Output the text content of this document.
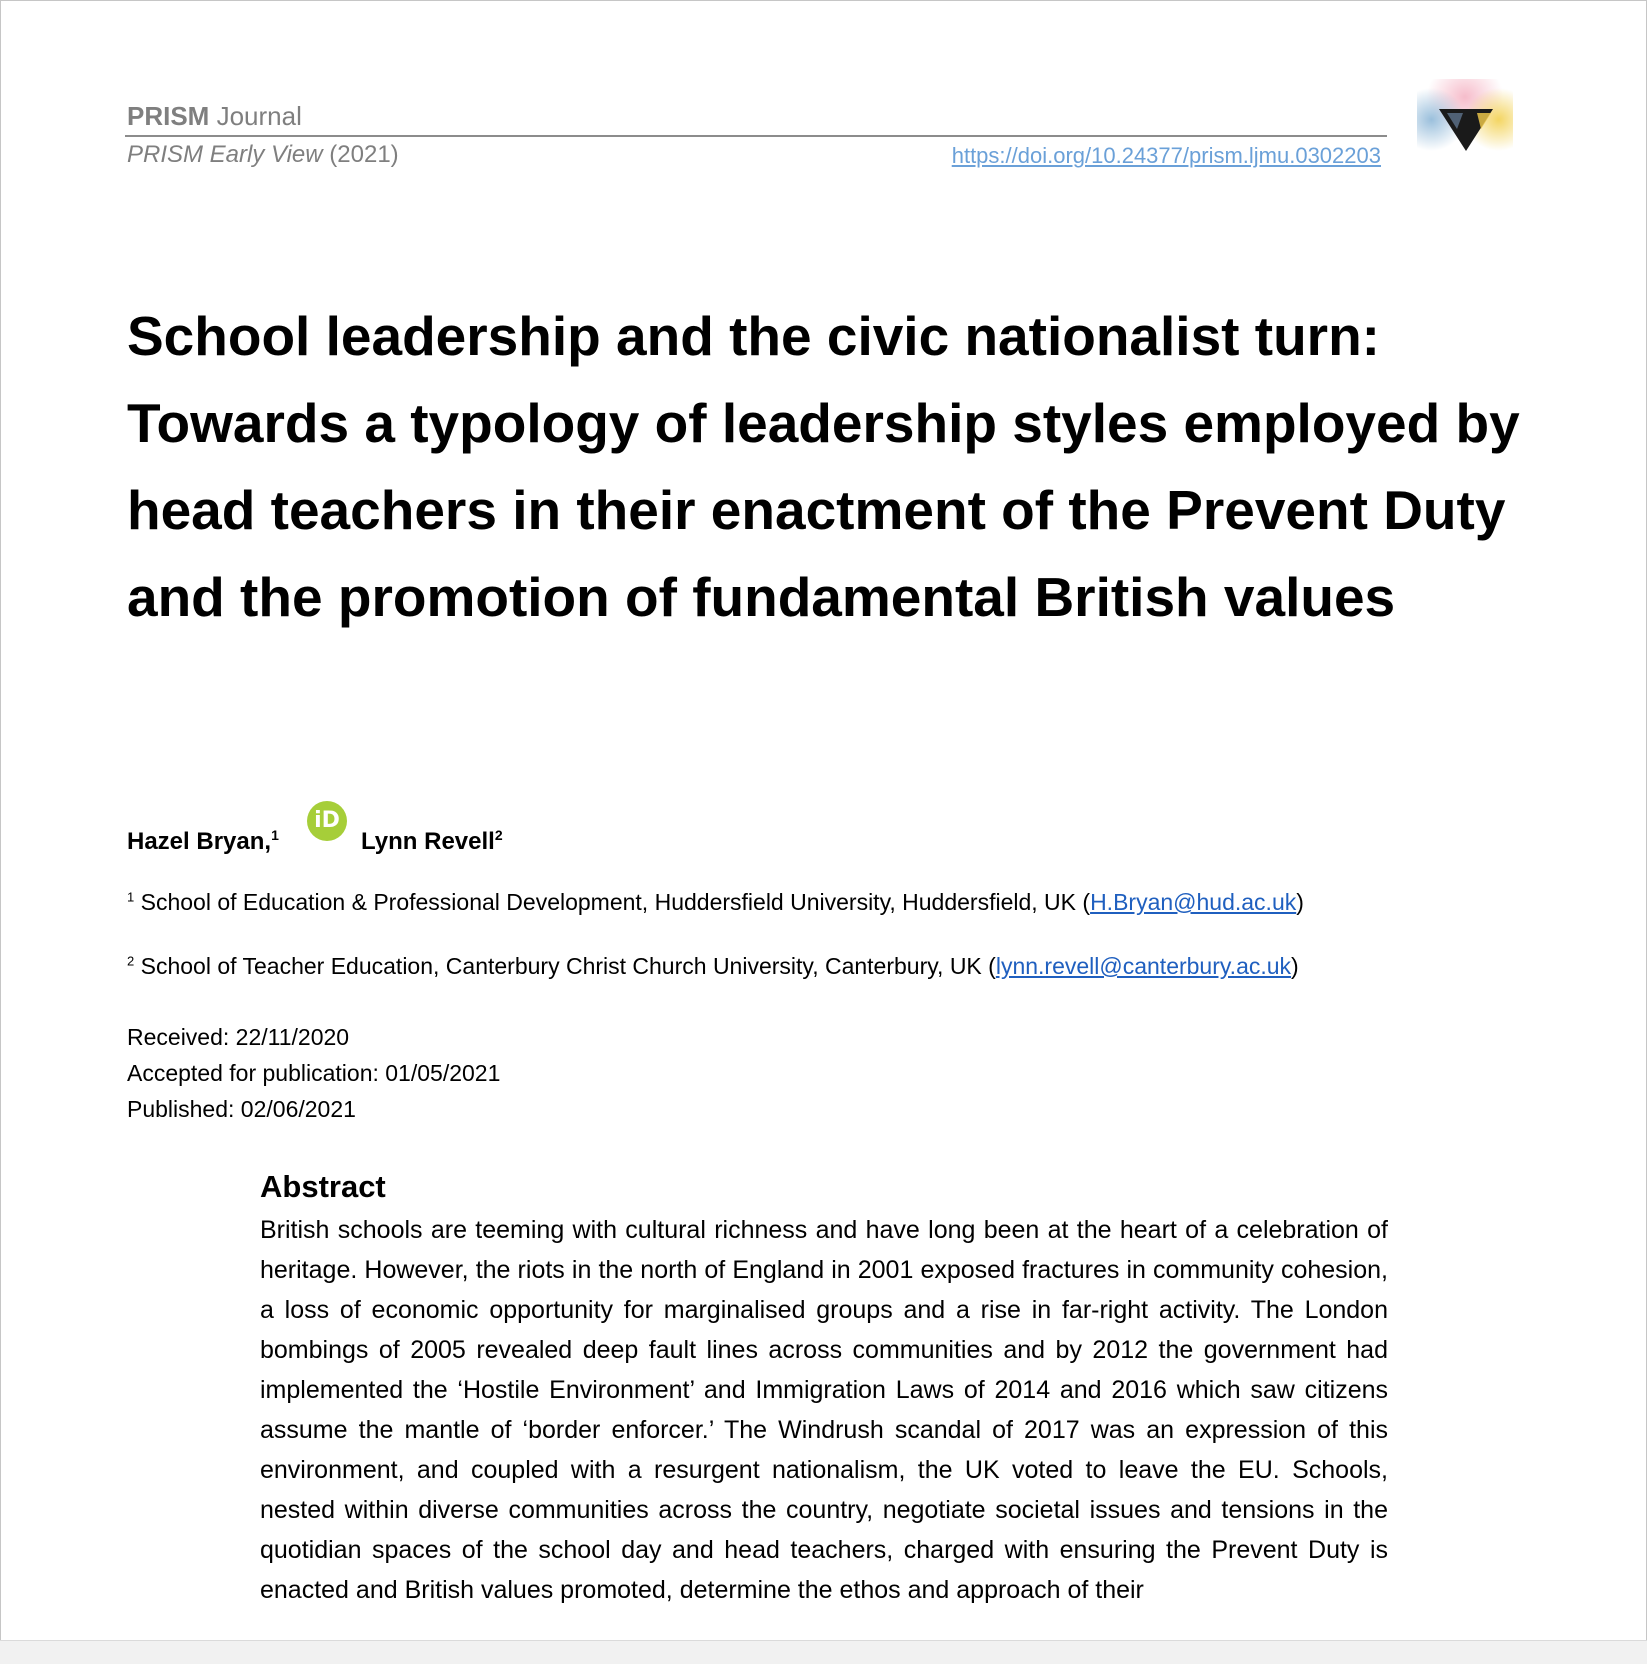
PRISM Journal
PRISM Early View (2021)	https://doi.org/10.24377/prism.ljmu.0302203
School leadership and the civic nationalist turn: Towards a typology of leadership styles employed by head teachers in their enactment of the Prevent Duty and the promotion of fundamental British values
Hazel Bryan,$^1$
iD
Lynn Revell$^2$
$^1$ School of Education & Professional Development, Huddersfield University, Huddersfield, UK (H.Bryan@hud.ac.uk)
$^2$ School of Teacher Education, Canterbury Christ Church University, Canterbury, UK (lynn.revell@canterbury.ac.uk)
Received: 22/11/2020
Accepted for publication: 01/05/2021
Published: 02/06/2021
Abstract
British schools are teeming with cultural richness and have long been at the heart of a celebration of heritage. However, the riots in the north of England in 2001 exposed fractures in community cohesion, a loss of economic opportunity for marginalised groups and a rise in far-right activity. The London bombings of 2005 revealed deep fault lines across communities and by 2012 the government had implemented the ‘Hostile Environment’ and Immigration Laws of 2014 and 2016 which saw citizens assume the mantle of ‘border enforcer.’ The Windrush scandal of 2017 was an expression of this environment, and coupled with a resurgent nationalism, the UK voted to leave the EU. Schools, nested within diverse communities across the country, negotiate societal issues and tensions in the quotidian spaces of the school day and head teachers, charged with ensuring the Prevent Duty is enacted and British values promoted, determine the ethos and approach of their
